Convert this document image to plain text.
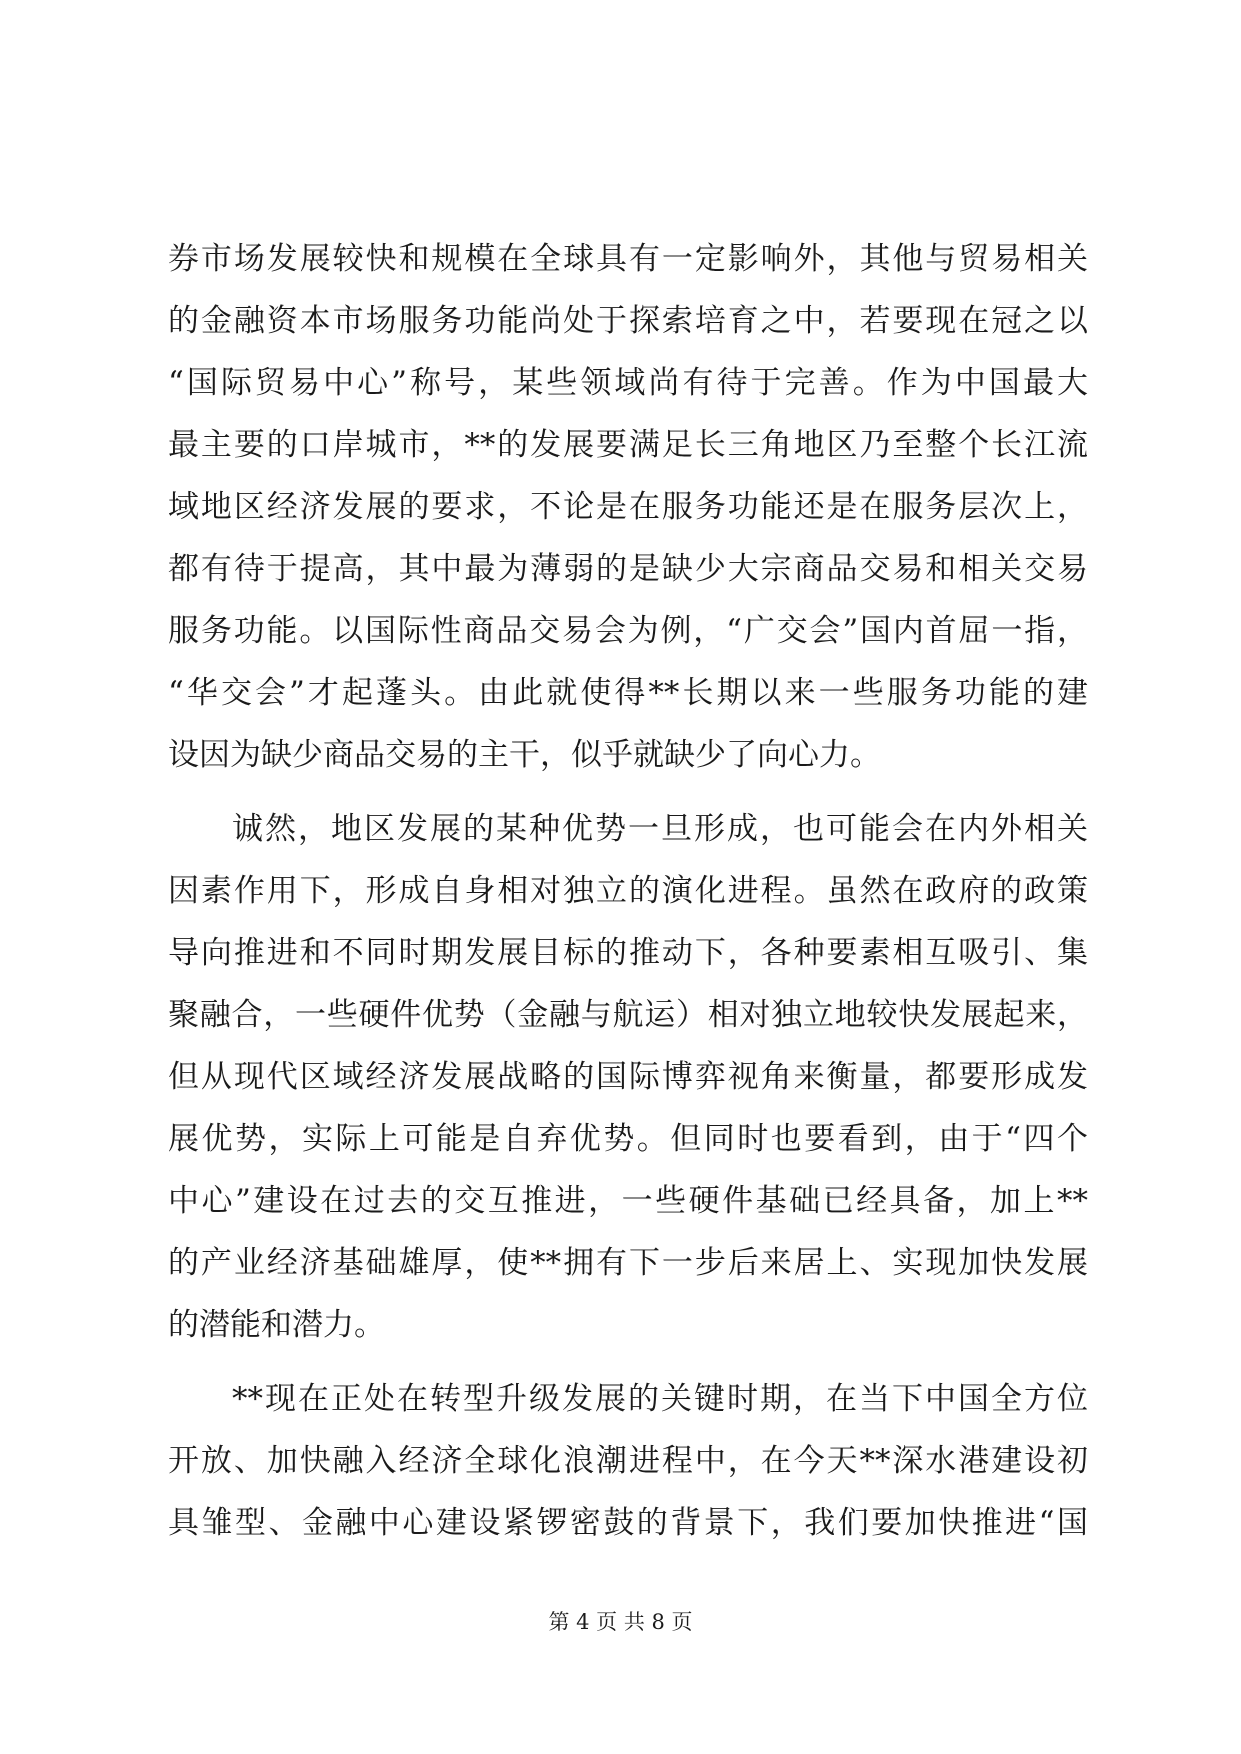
券市场发展较快和规模在全球具有一定影响外，其他与贸易相关
的金融资本市场服务功能尚处于探索培育之中，若要现在冠之以
“国际贸易中心”称号，某些领域尚有待于完善。作为中国最大
最主要的口岸城市，**的发展要满足长三角地区乃至整个长江流
域地区经济发展的要求，不论是在服务功能还是在服务层次上，
都有待于提高，其中最为薄弱的是缺少大宗商品交易和相关交易
服务功能。以国际性商品交易会为例，“广交会”国内首屈一指，
“华交会”才起蓬头。由此就使得**长期以来一些服务功能的建
设因为缺少商品交易的主干，似乎就缺少了向心力。
诚然，地区发展的某种优势一旦形成，也可能会在内外相关
因素作用下，形成自身相对独立的演化进程。虽然在政府的政策
导向推进和不同时期发展目标的推动下，各种要素相互吸引、集
聚融合，一些硬件优势（金融与航运）相对独立地较快发展起来，
但从现代区域经济发展战略的国际博弈视角来衡量，都要形成发
展优势，实际上可能是自弃优势。但同时也要看到，由于“四个
中心”建设在过去的交互推进，一些硬件基础已经具备，加上**
的产业经济基础雄厚，使**拥有下一步后来居上、实现加快发展
的潜能和潜力。
**现在正处在转型升级发展的关键时期，在当下中国全方位
开放、加快融入经济全球化浪潮进程中，在今天**深水港建设初
具雏型、金融中心建设紧锣密鼓的背景下，我们要加快推进“国
第 4 页 共 8 页
